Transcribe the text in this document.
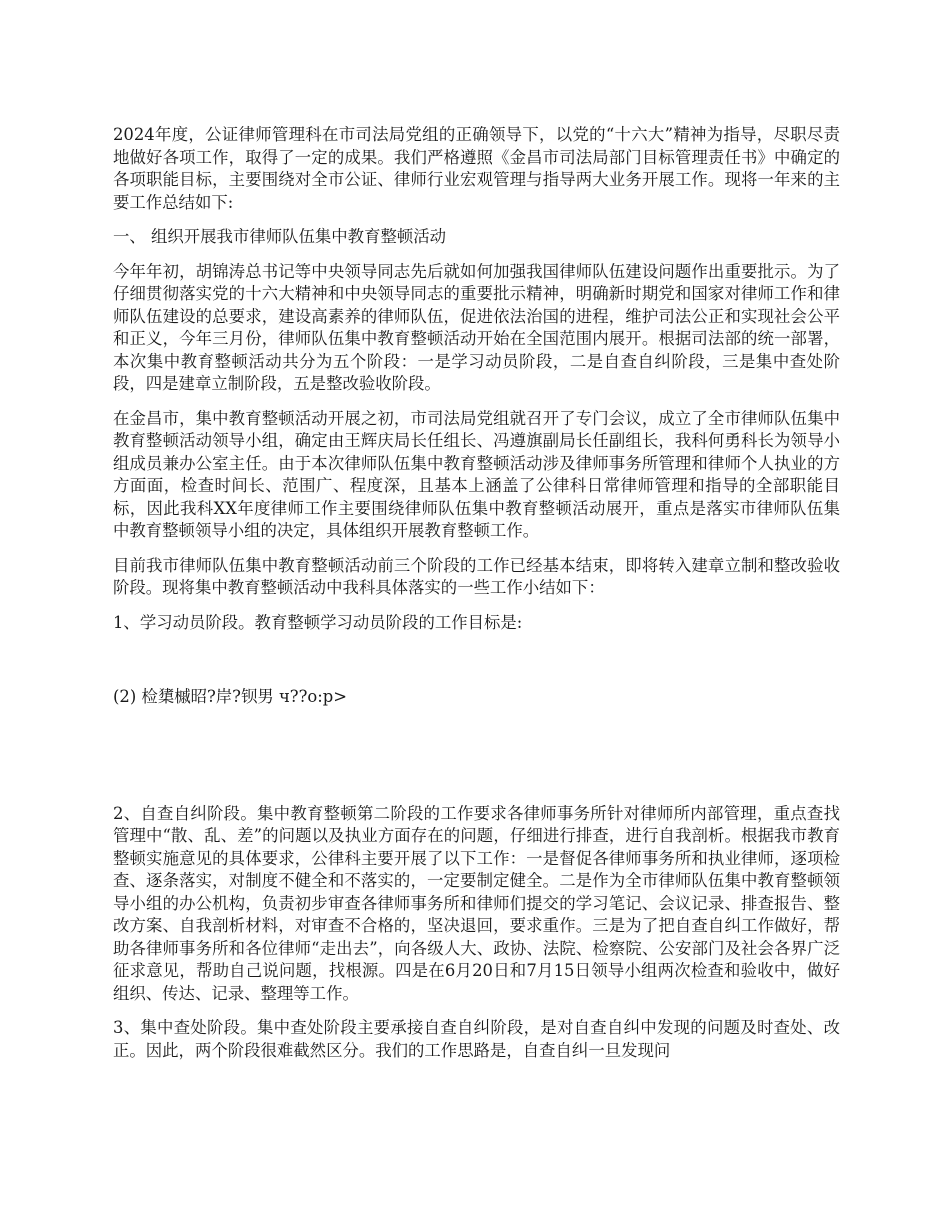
2024年度，公证律师管理科在市司法局党组的正确领导下，以党的“十六大”精神为指导，尽职尽责地做好各项工作，取得了一定的成果。我们严格遵照《金昌市司法局部门目标管理责任书》中确定的各项职能目标，主要围绕对全市公证、律师行业宏观管理与指导两大业务开展工作。现将一年来的主要工作总结如下:

一、 组织开展我市律师队伍集中教育整顿活动

今年年初，胡锦涛总书记等中央领导同志先后就如何加强我国律师队伍建设问题作出重要批示。为了仔细贯彻落实党的十六大精神和中央领导同志的重要批示精神，明确新时期党和国家对律师工作和律师队伍建设的总要求，建设高素养的律师队伍，促进依法治国的进程，维护司法公正和实现社会公平和正义，今年三月份，律师队伍集中教育整顿活动开始在全国范围内展开。根据司法部的统一部署，本次集中教育整顿活动共分为五个阶段：一是学习动员阶段，二是自查自纠阶段，三是集中查处阶段，四是建章立制阶段，五是整改验收阶段。

在金昌市，集中教育整顿活动开展之初，市司法局党组就召开了专门会议，成立了全市律师队伍集中教育整顿活动领导小组，确定由王辉庆局长任组长、冯遵旗副局长任副组长，我科何勇科长为领导小组成员兼办公室主任。由于本次律师队伍集中教育整顿活动涉及律师事务所管理和律师个人执业的方方面面，检查时间长、范围广、程度深，且基本上涵盖了公律科日常律师管理和指导的全部职能目标，因此我科XX年度律师工作主要围绕律师队伍集中教育整顿活动展开，重点是落实市律师队伍集中教育整顿领导小组的决定，具体组织开展教育整顿工作。

目前我市律师队伍集中教育整顿活动前三个阶段的工作已经基本结束，即将转入建章立制和整改验收阶段。现将集中教育整顿活动中我科具体落实的一些工作小结如下：

1、学习动员阶段。教育整顿学习动员阶段的工作目标是:

(2) 检橥槭昭?岸?钡男 ч??o:p>

2、自查自纠阶段。集中教育整顿第二阶段的工作要求各律师事务所针对律师所内部管理，重点查找管理中“散、乱、差”的问题以及执业方面存在的问题，仔细进行排查，进行自我剖析。根据我市教育整顿实施意见的具体要求，公律科主要开展了以下工作：一是督促各律师事务所和执业律师，逐项检查、逐条落实，对制度不健全和不落实的，一定要制定健全。二是作为全市律师队伍集中教育整顿领导小组的办公机构，负责初步审查各律师事务所和律师们提交的学习笔记、会议记录、排查报告、整改方案、自我剖析材料，对审查不合格的，坚决退回，要求重作。三是为了把自查自纠工作做好，帮助各律师事务所和各位律师“走出去”，向各级人大、政协、法院、检察院、公安部门及社会各界广泛征求意见，帮助自己说问题，找根源。四是在6月20日和7月15日领导小组两次检查和验收中，做好组织、传达、记录、整理等工作。

3、集中查处阶段。集中查处阶段主要承接自查自纠阶段，是对自查自纠中发现的问题及时查处、改正。因此，两个阶段很难截然区分。我们的工作思路是，自查自纠一旦发现问
